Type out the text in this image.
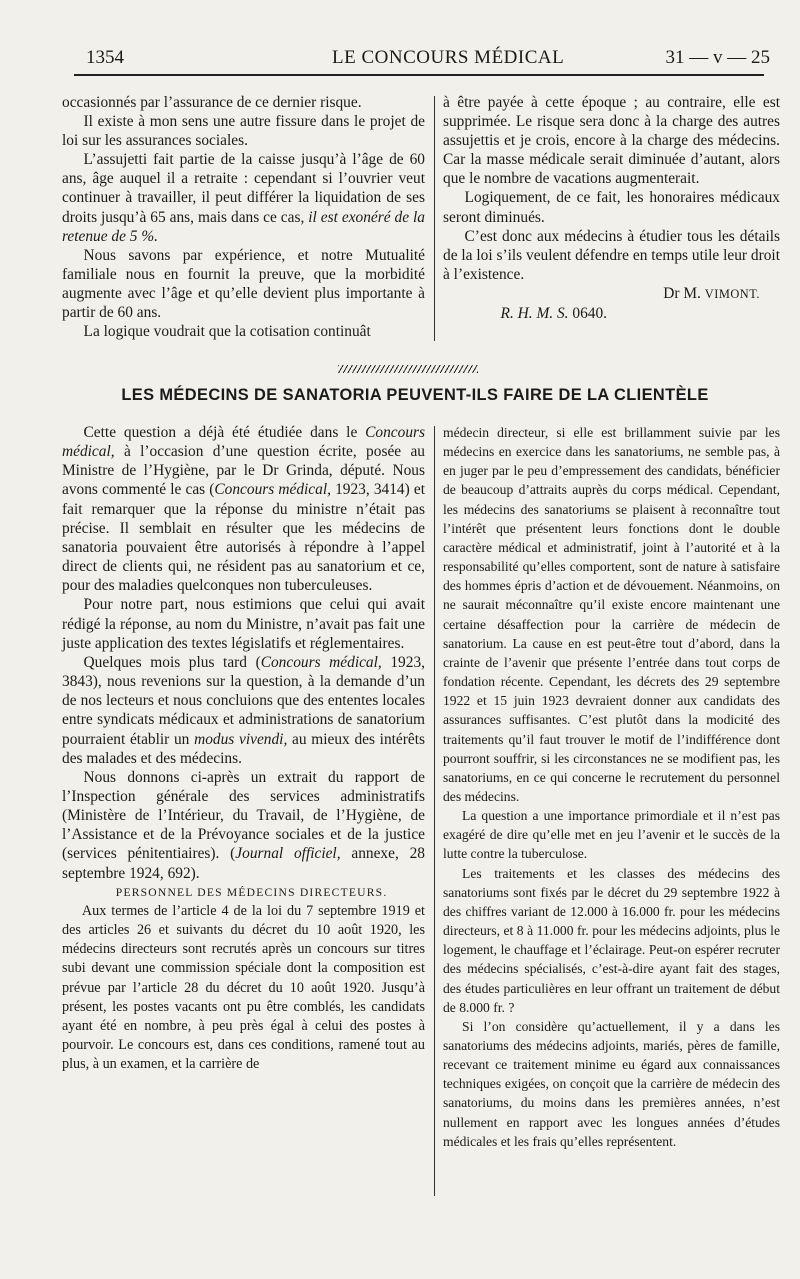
1354	LE CONCOURS MÉDICAL	31 — v — 25

occasionnés par l’assurance de ce dernier risque.

Il existe à mon sens une autre fissure dans le projet de loi sur les assurances sociales.

L’assujetti fait partie de la caisse jusqu’à l’âge de 60 ans, âge auquel il a retraite : cependant si l’ouvrier veut continuer à travailler, il peut différer la liquidation de ses droits jusqu’à 65 ans, mais dans ce cas, il est exonéré de la retenue de 5 %.

Nous savons par expérience, et notre Mutualité familiale nous en fournit la preuve, que la morbidité augmente avec l’âge et qu’elle devient plus importante à partir de 60 ans.

La logique voudrait que la cotisation continuât

à être payée à cette époque ; au contraire, elle est supprimée. Le risque sera donc à la charge des autres assujettis et je crois, encore à la charge des médecins. Car la masse médicale serait diminuée d’autant, alors que le nombre de vacations augmenterait.

Logiquement, de ce fait, les honoraires médicaux seront diminués.

C’est donc aux médecins à étudier tous les détails de la loi s’ils veulent défendre en temps utile leur droit à l’existence.

Dr M. VIMONT.

R. H. M. S. 0640.

LES MÉDECINS DE SANATORIA PEUVENT-ILS FAIRE DE LA CLIENTÈLE

Cette question a déjà été étudiée dans le Concours médical, à l’occasion d’une question écrite, posée au Ministre de l’Hygiène, par le Dr Grinda, député. Nous avons commenté le cas (Concours médical, 1923, 3414) et fait remarquer que la réponse du ministre n’était pas précise. Il semblait en résulter que les médecins de sanatoria pouvaient être autorisés à répondre à l’appel direct de clients qui, ne résident pas au sanatorium et ce, pour des maladies quelconques non tuberculeuses.

Pour notre part, nous estimions que celui qui avait rédigé la réponse, au nom du Ministre, n’avait pas fait une juste application des textes législatifs et réglementaires.

Quelques mois plus tard (Concours médical, 1923, 3843), nous revenions sur la question, à la demande d’un de nos lecteurs et nous concluions que des ententes locales entre syndicats médicaux et administrations de sanatorium pourraient établir un modus vivendi, au mieux des intérêts des malades et des médecins.

Nous donnons ci-après un extrait du rapport de l’Inspection générale des services administratifs (Ministère de l’Intérieur, du Travail, de l’Hygiène, de l’Assistance et de la Prévoyance sociales et de la justice (services pénitentiaires). (Journal officiel, annexe, 28 septembre 1924, 692).

PERSONNEL DES MÉDECINS DIRECTEURS.

Aux termes de l’article 4 de la loi du 7 septembre 1919 et des articles 26 et suivants du décret du 10 août 1920, les médecins directeurs sont recrutés après un concours sur titres subi devant une commission spéciale dont la composition est prévue par l’article 28 du décret du 10 août 1920. Jusqu’à présent, les postes vacants ont pu être comblés, les candidats ayant été en nombre, à peu près égal à celui des postes à pourvoir. Le concours est, dans ces conditions, ramené tout au plus, à un examen, et la carrière de

médecin directeur, si elle est brillamment suivie par les médecins en exercice dans les sanatoriums, ne semble pas, à en juger par le peu d’empressement des candidats, bénéficier de beaucoup d’attraits auprès du corps médical. Cependant, les médecins des sanatoriums se plaisent à reconnaître tout l’intérêt que présentent leurs fonctions dont le double caractère médical et administratif, joint à l’autorité et à la responsabilité qu’elles comportent, sont de nature à satisfaire des hommes épris d’action et de dévouement. Néanmoins, on ne saurait méconnaître qu’il existe encore maintenant une certaine désaffection pour la carrière de médecin de sanatorium. La cause en est peut-être tout d’abord, dans la crainte de l’avenir que présente l’entrée dans tout corps de fondation récente. Cependant, les décrets des 29 septembre 1922 et 15 juin 1923 devraient donner aux candidats des assurances suffisantes. C’est plutôt dans la modicité des traitements qu’il faut trouver le motif de l’indifférence dont pourront souffrir, si les circonstances ne se modifient pas, les sanatoriums, en ce qui concerne le recrutement du personnel des médecins.

La question a une importance primordiale et il n’est pas exagéré de dire qu’elle met en jeu l’avenir et le succès de la lutte contre la tuberculose.

Les traitements et les classes des médecins des sanatoriums sont fixés par le décret du 29 septembre 1922 à des chiffres variant de 12.000 à 16.000 fr. pour les médecins directeurs, et 8 à 11.000 fr. pour les médecins adjoints, plus le logement, le chauffage et l’éclairage. Peut-on espérer recruter des médecins spécialisés, c’est-à-dire ayant fait des stages, des études particulières en leur offrant un traitement de début de 8.000 fr. ?

Si l’on considère qu’actuellement, il y a dans les sanatoriums des médecins adjoints, mariés, pères de famille, recevant ce traitement minime eu égard aux connaissances techniques exigées, on conçoit que la carrière de médecin des sanatoriums, du moins dans les premières années, n’est nullement en rapport avec les longues années d’études médicales et les frais qu’elles représentent.
